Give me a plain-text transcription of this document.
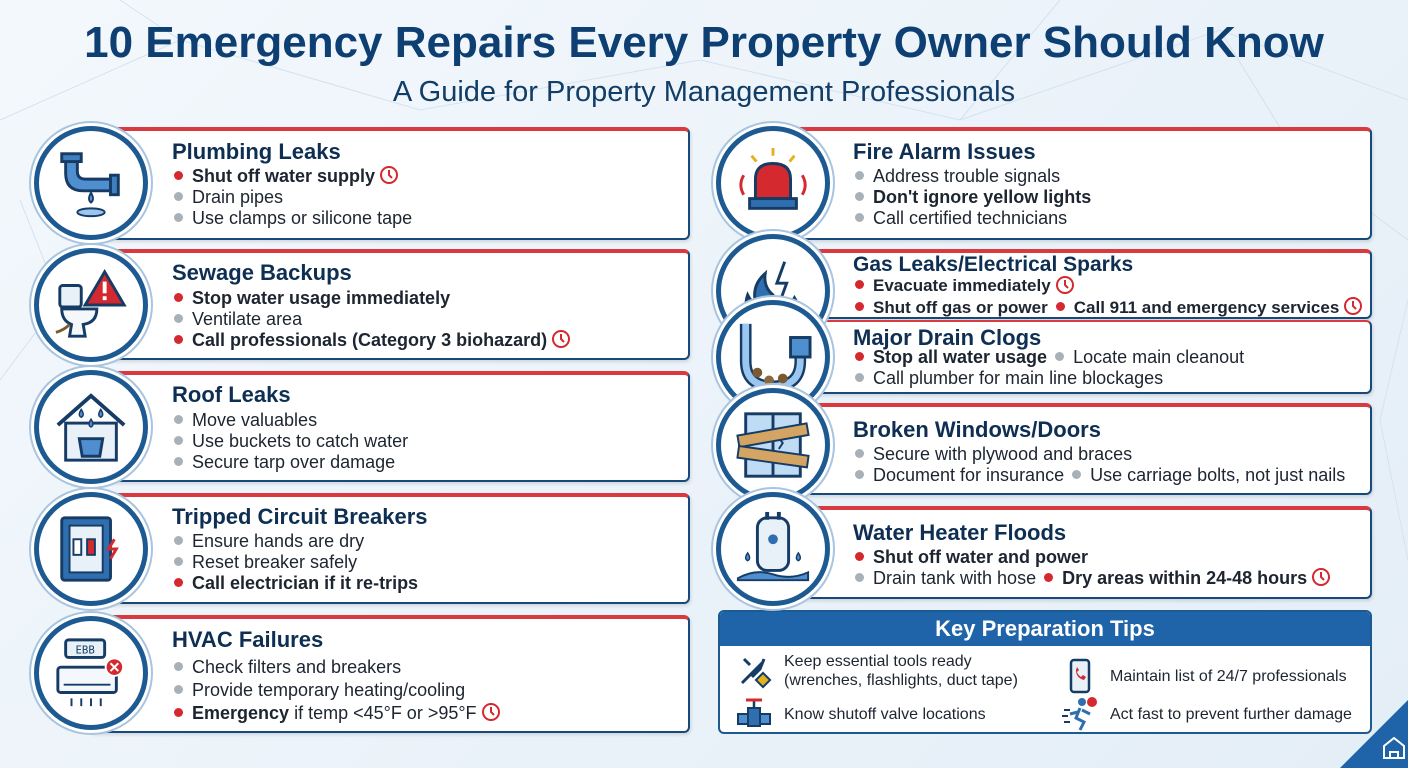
10 Emergency Repairs Every Property Owner Should Know
A Guide for Property Management Professionals
Plumbing Leaks
Shut off water supply
Drain pipes
Use clamps or silicone tape
Sewage Backups
Stop water usage immediately
Ventilate area
Call professionals (Category 3 biohazard)
Roof Leaks
Move valuables
Use buckets to catch water
Secure tarp over damage
Tripped Circuit Breakers
Ensure hands are dry
Reset breaker safely
Call electrician if it re-trips
EBB	HVAC Failures
Check filters and breakers
Provide temporary heating/cooling
Emergency if temp <45°F or >95°F
Fire Alarm Issues
Address trouble signals
Don't ignore yellow lights
Call certified technicians
Gas Leaks/Electrical Sparks
Evacuate immediately
Shut off gas or power Call 911 and emergency services
Major Drain Clogs
Stop all water usage Locate main cleanout
Call plumber for main line blockages
Broken Windows/Doors
Secure with plywood and braces
Document for insurance Use carriage bolts, not just nails
Water Heater Floods
Shut off water and power
Drain tank with hose Dry areas within 24-48 hours
Key Preparation Tips
Keep essential tools ready
(wrenches, flashlights, duct tape)	Maintain list of 24/7 professionals
Know shutoff valve locations	Act fast to prevent further damage
